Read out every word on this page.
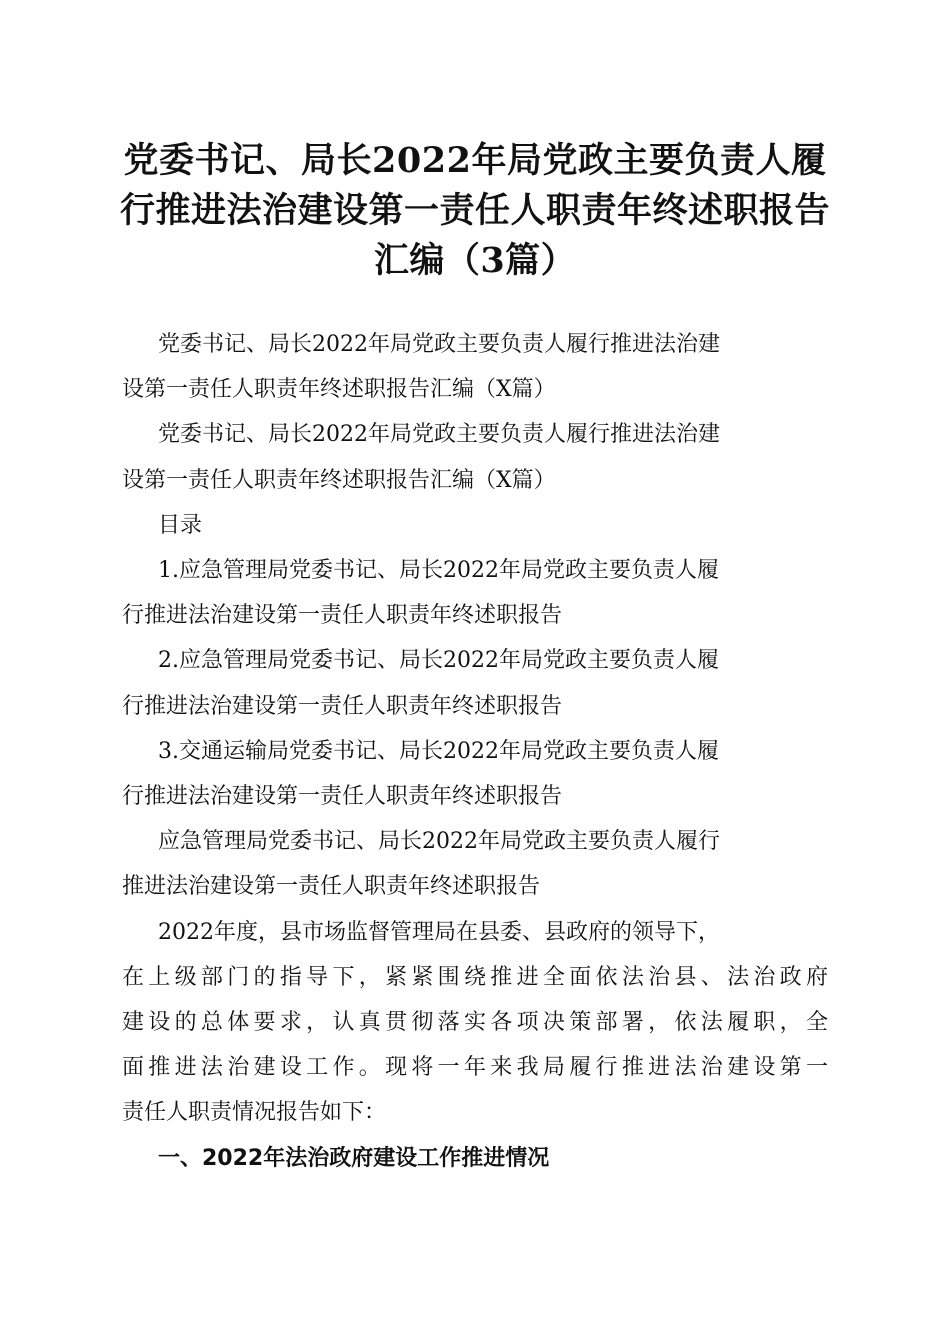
党委书记、局长2022年局党政主要负责人履
行推进法治建设第一责任人职责年终述职报告
汇编（3篇）

党委书记、局长2022年局党政主要负责人履行推进法治建
设第一责任人职责年终述职报告汇编（X篇）

党委书记、局长2022年局党政主要负责人履行推进法治建
设第一责任人职责年终述职报告汇编（X篇）

目录

1.应急管理局党委书记、局长2022年局党政主要负责人履
行推进法治建设第一责任人职责年终述职报告

2.应急管理局党委书记、局长2022年局党政主要负责人履
行推进法治建设第一责任人职责年终述职报告

3.交通运输局党委书记、局长2022年局党政主要负责人履
行推进法治建设第一责任人职责年终述职报告

应急管理局党委书记、局长2022年局党政主要负责人履行
推进法治建设第一责任人职责年终述职报告

2022年度，县市场监督管理局在县委、县政府的领导下，
在上级部门的指导下，紧紧围绕推进全面依法治县、法治政府
建设的总体要求，认真贯彻落实各项决策部署，依法履职，全
面推进法治建设工作。现将一年来我局履行推进法治建设第一
责任人职责情况报告如下：

一、2022年法治政府建设工作推进情况
